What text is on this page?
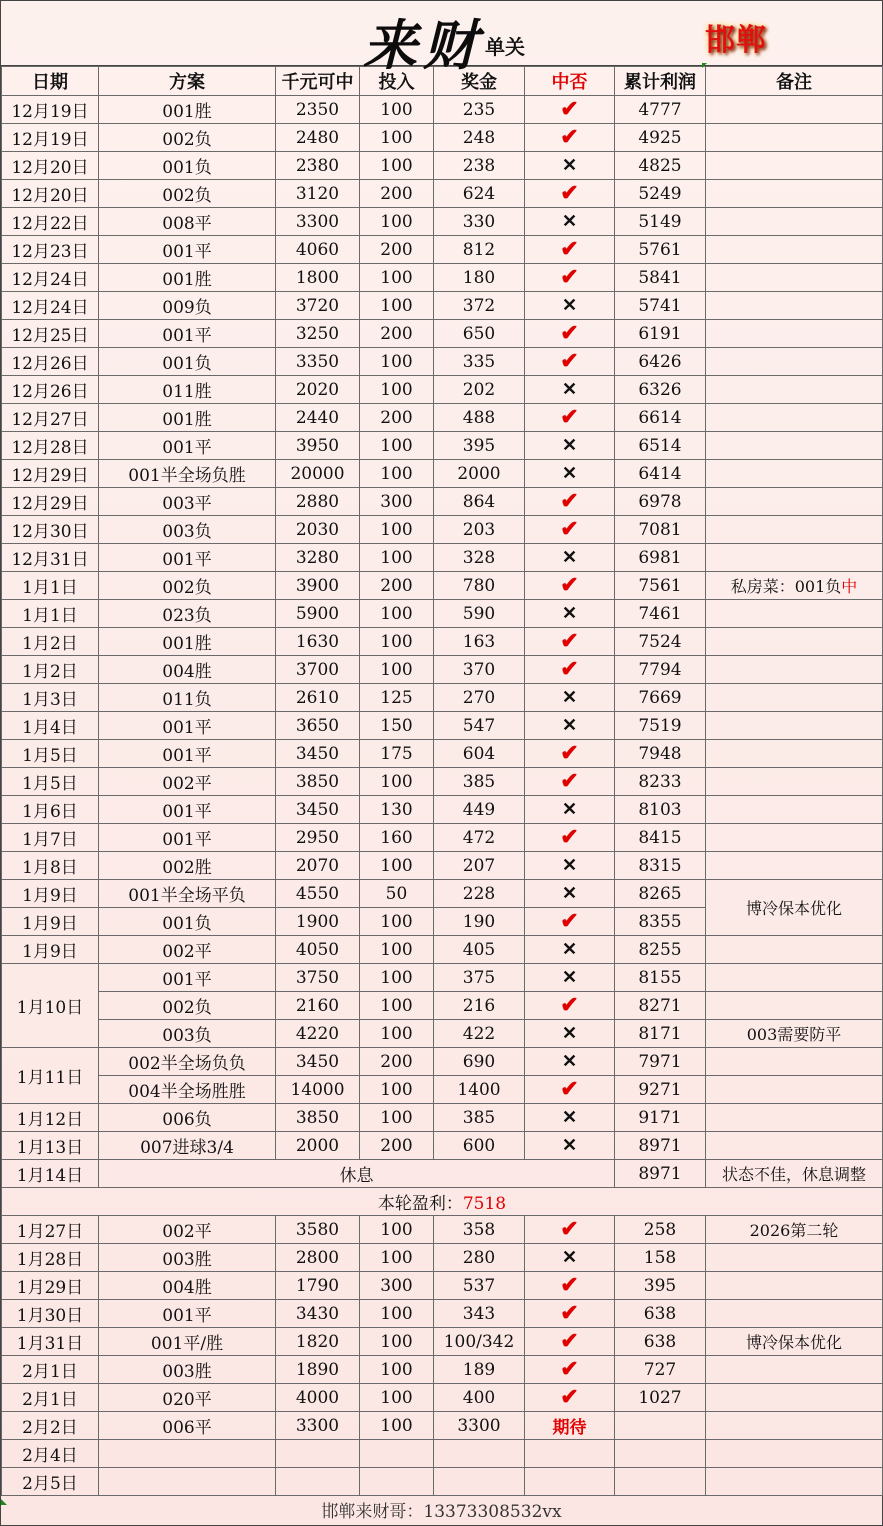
来财 单关	邯郸
日期	方案	千元可中	投入	奖金	中否	累计利润	备注
12月19日	001胜	2350	100	235	✔	4777	
12月19日	002负	2480	100	248	✔	4925	
12月20日	001负	2380	100	238	✕	4825	
12月20日	002负	3120	200	624	✔	5249	
12月22日	008平	3300	100	330	✕	5149	
12月23日	001平	4060	200	812	✔	5761	
12月24日	001胜	1800	100	180	✔	5841	
12月24日	009负	3720	100	372	✕	5741	
12月25日	001平	3250	200	650	✔	6191	
12月26日	001负	3350	100	335	✔	6426	
12月26日	011胜	2020	100	202	✕	6326	
12月27日	001胜	2440	200	488	✔	6614	
12月28日	001平	3950	100	395	✕	6514	
12月29日	001半全场负胜	20000	100	2000	✕	6414	
12月29日	003平	2880	300	864	✔	6978	
12月30日	003负	2030	100	203	✔	7081	
12月31日	001平	3280	100	328	✕	6981	
1月1日	002负	3900	200	780	✔	7561	私房菜：001负中
1月1日	023负	5900	100	590	✕	7461	
1月2日	001胜	1630	100	163	✔	7524	
1月2日	004胜	3700	100	370	✔	7794	
1月3日	011负	2610	125	270	✕	7669	
1月4日	001平	3650	150	547	✕	7519	
1月5日	001平	3450	175	604	✔	7948	
1月5日	002平	3850	100	385	✔	8233	
1月6日	001平	3450	130	449	✕	8103	
1月7日	001平	2950	160	472	✔	8415	
1月8日	002胜	2070	100	207	✕	8315	
1月9日	001半全场平负	4550	50	228	✕	8265	博冷保本优化
1月9日	001负	1900	100	190	✔	8355	
1月9日	002平	4050	100	405	✕	8255	
1月10日	001平	3750	100	375	✕	8155	
	002负	2160	100	216	✔	8271	
	003负	4220	100	422	✕	8171	003需要防平
1月11日	002半全场负负	3450	200	690	✕	7971	
	004半全场胜胜	14000	100	1400	✔	9271	
1月12日	006负	3850	100	385	✕	9171	
1月13日	007进球3/4	2000	200	600	✕	8971	
1月14日	休息					8971	状态不佳，休息调整
本轮盈利：7518							
1月27日	002平	3580	100	358	✔	258	2026第二轮
1月28日	003胜	2800	100	280	✕	158	
1月29日	004胜	1790	300	537	✔	395	
1月30日	001平	3430	100	343	✔	638	
1月31日	001平/胜	1820	100	100/342	✔	638	博冷保本优化
2月1日	003胜	1890	100	189	✔	727	
2月1日	020平	4000	100	400	✔	1027	
2月2日	006平	3300	100	3300	期待		
2月4日							
2月5日							
邯郸来财哥：13373308532vx
